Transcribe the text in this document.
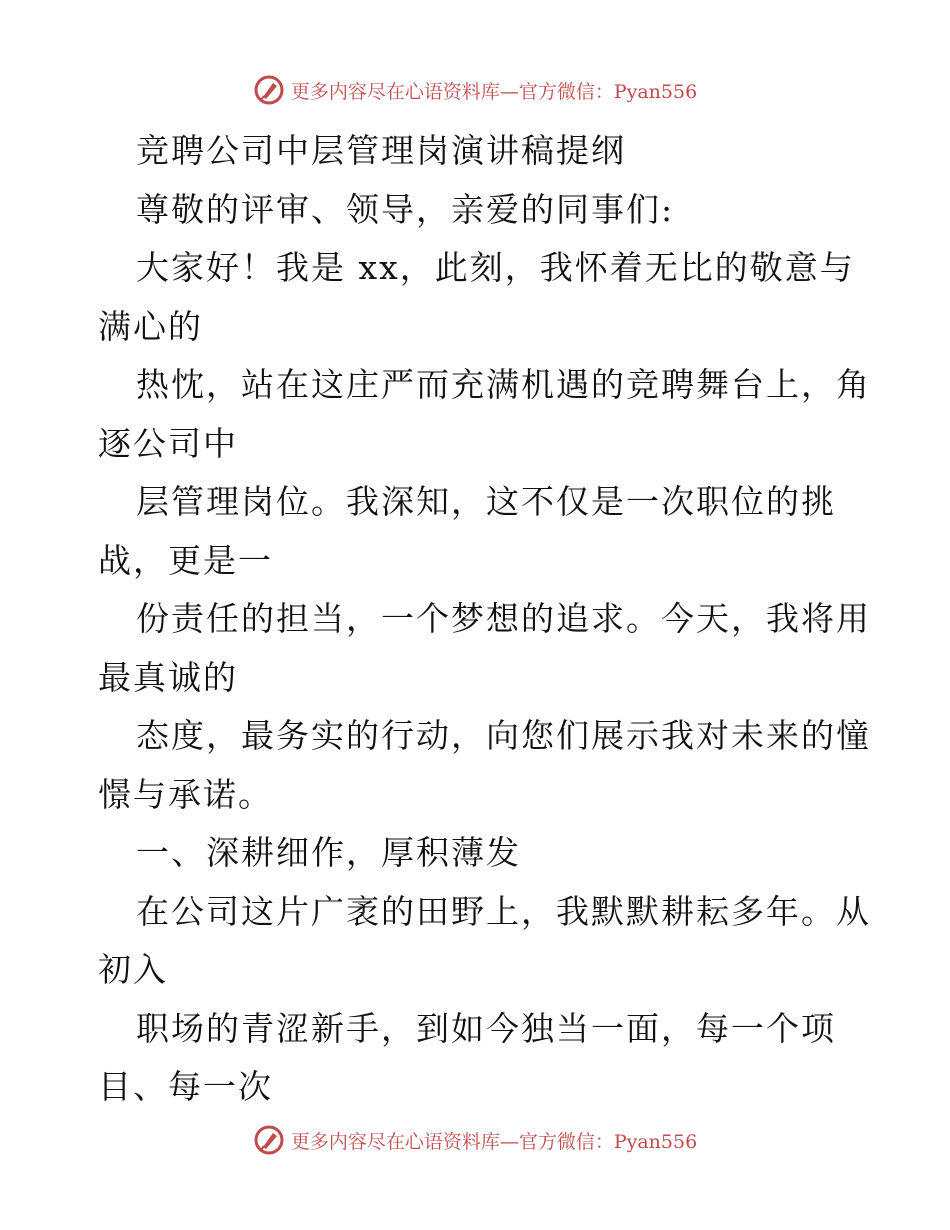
更多内容尽在心语资料库—官方微信：Pyan556
竞聘公司中层管理岗演讲稿提纲
尊敬的评审、领导，亲爱的同事们:
大家好！我是 xx，此刻，我怀着无比的敬意与
满心的
热忱，站在这庄严而充满机遇的竞聘舞台上，角
逐公司中
层管理岗位。我深知，这不仅是一次职位的挑
战，更是一
份责任的担当，一个梦想的追求。今天，我将用
最真诚的
态度，最务实的行动，向您们展示我对未来的憧
憬与承诺。
一、深耕细作，厚积薄发
在公司这片广袤的田野上，我默默耕耘多年。从
初入
职场的青涩新手，到如今独当一面，每一个项
目、每一次
更多内容尽在心语资料库—官方微信：Pyan556
